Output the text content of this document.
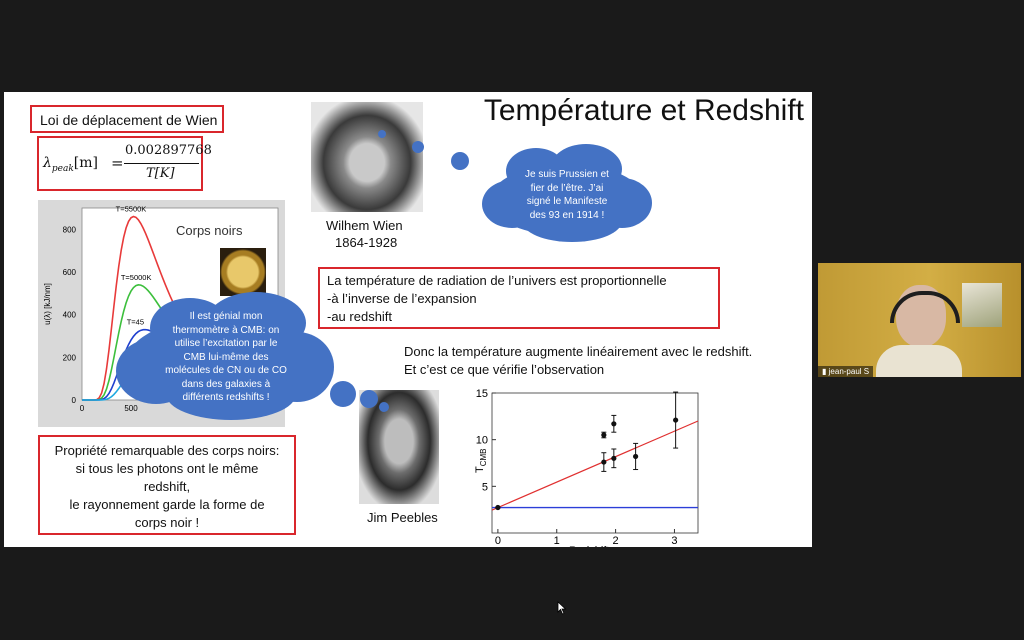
Température et Redshift
Loi de déplacement de Wien
$\lambda_{peak}[m]$ =
0.002897768
T[K]
0
200
400
600
800
0	500
u(λ) [kJ/nm]
Corps noirs
T=5500K
T=5000K
T=45
Wilhem Wien
1864-1928
Je suis Prussien et
fier de l’être. J’ai
signé le Manifeste
des 93 en 1914 !
La température de radiation de l’univers est proportionnelle
-à l’inverse de l’expansion
-au redshift
Donc la température augmente linéairement avec le redshift.
Et c’est ce que vérifie l’observation
5
10
15
0	1	2	3
Redshift, z
$T_{CMB}$
Jim Peebles
Il est génial mon
thermomètre à CMB: on
utilise l’excitation par le
CMB lui-même des
molécules de CN ou de CO
dans des galaxies à
différents redshifts !
Propriété remarquable des corps noirs:
si tous les photons ont le même
redshift,
le rayonnement garde la forme de
corps noir !
▮ jean-paul S
